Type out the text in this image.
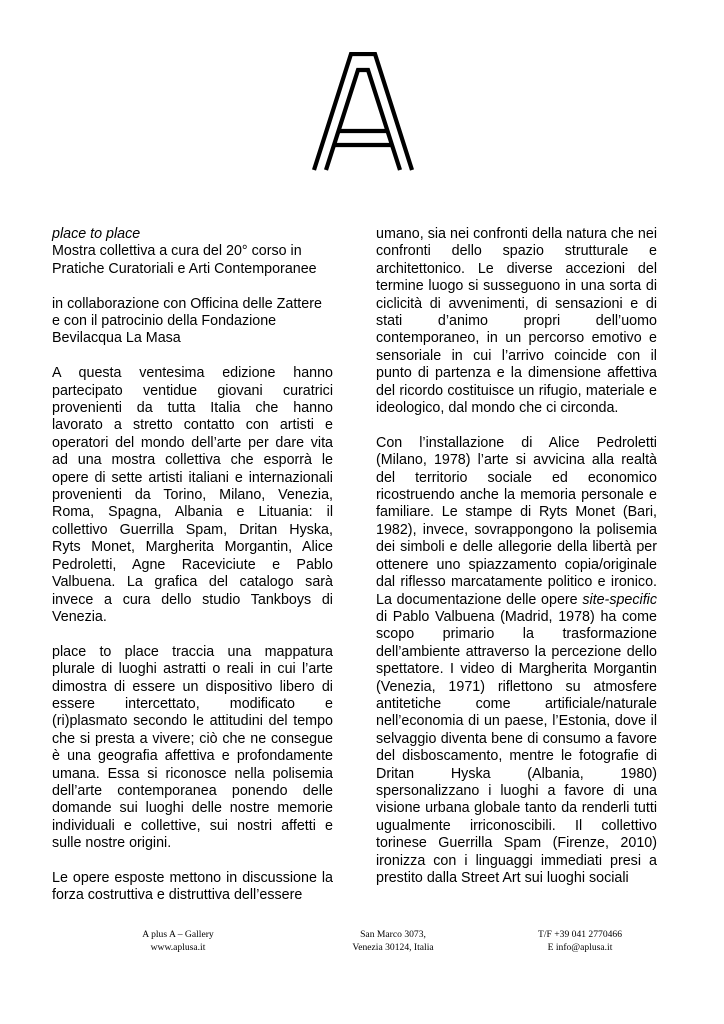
place to place
Mostra collettiva a cura del 20° corso in
Pratiche Curatoriali e Arti Contemporanee

in collaborazione con Officina delle Zattere
e con il patrocinio della Fondazione
Bevilacqua La Masa

A questa ventesima edizione hanno partecipato ventidue giovani curatrici provenienti da tutta Italia che hanno lavorato a stretto contatto con artisti e operatori del mondo dell’arte per dare vita ad una mostra collettiva che esporrà le opere di sette artisti italiani e internazionali provenienti da Torino, Milano, Venezia, Roma, Spagna, Albania e Lituania: il collettivo Guerrilla Spam, Dritan Hyska, Ryts Monet, Margherita Morgantin, Alice Pedroletti, Agne Raceviciute e Pablo Valbuena. La grafica del catalogo sarà invece a cura dello studio Tankboys di Venezia.

place to place traccia una mappatura plurale di luoghi astratti o reali in cui l’arte dimostra di essere un dispositivo libero di essere intercettato, modificato e (ri)plasmato secondo le attitudini del tempo che si presta a vivere; ciò che ne consegue è una geografia affettiva e profondamente umana. Essa si riconosce nella polisemia dell’arte contemporanea ponendo delle domande sui luoghi delle nostre memorie individuali e collettive, sui nostri affetti e sulle nostre origini.

Le opere esposte mettono in discussione la forza costruttiva e distruttiva dell’essere

umano, sia nei confronti della natura che nei confronti dello spazio strutturale e architettonico. Le diverse accezioni del termine luogo si susseguono in una sorta di ciclicità di avvenimenti, di sensazioni e di stati d’animo propri dell’uomo contemporaneo, in un percorso emotivo e sensoriale in cui l’arrivo coincide con il punto di partenza e la dimensione affettiva del ricordo costituisce un rifugio, materiale e ideologico, dal mondo che ci circonda.

Con l’installazione di Alice Pedroletti (Milano, 1978) l’arte si avvicina alla realtà del territorio sociale ed economico ricostruendo anche la memoria personale e familiare. Le stampe di Ryts Monet (Bari, 1982), invece, sovrappongono la polisemia dei simboli e delle allegorie della libertà per ottenere uno spiazzamento copia/originale dal riflesso marcatamente politico e ironico. La documentazione delle opere site-specific di Pablo Valbuena (Madrid, 1978) ha come scopo primario la trasformazione dell’ambiente attraverso la percezione dello spettatore. I video di Margherita Morgantin (Venezia, 1971) riflettono su atmosfere antitetiche come artificiale/naturale nell’economia di un paese, l’Estonia, dove il selvaggio diventa bene di consumo a favore del disboscamento, mentre le fotografie di Dritan Hyska (Albania, 1980) spersonalizzano i luoghi a favore di una visione urbana globale tanto da renderli tutti ugualmente irriconoscibili. Il collettivo torinese Guerrilla Spam (Firenze, 2010) ironizza con i linguaggi immediati presi a prestito dalla Street Art sui luoghi sociali

A plus A – Gallery
www.aplusa.it
San Marco 3073,
Venezia 30124, Italia
T/F +39 041 2770466
E info@aplusa.it
